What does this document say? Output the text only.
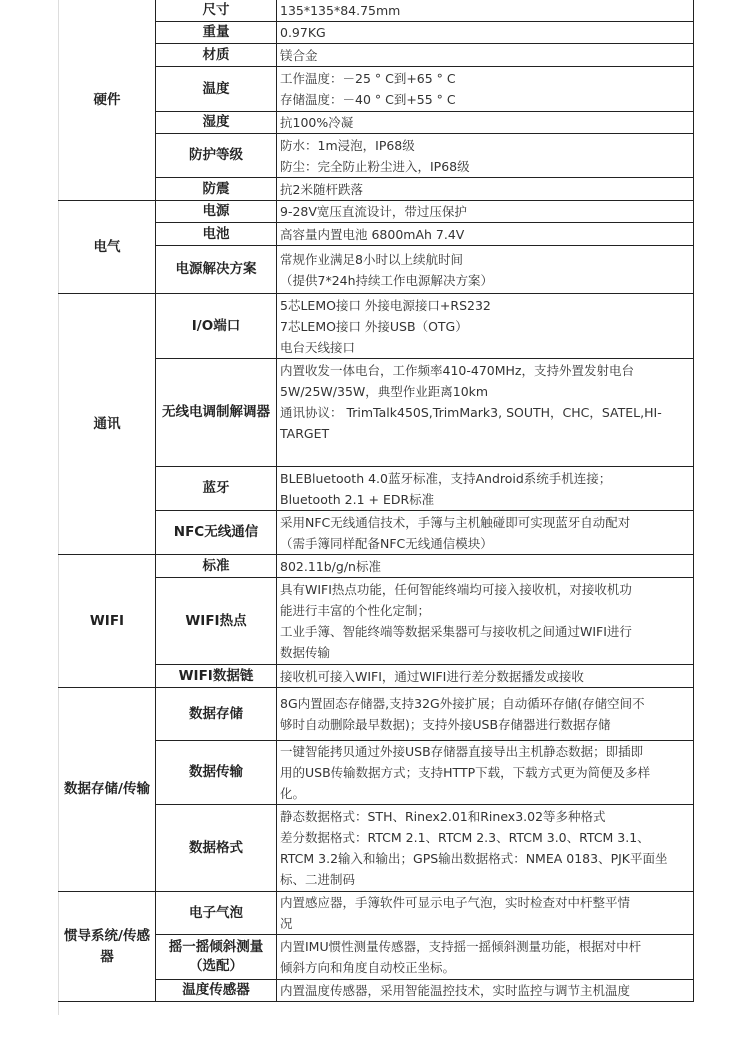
硬件	尺寸	135*135*84.75mm

	重量	0.97KG

	材质	镁合金

	温度	工作温度：－25 ° C到+65 ° C
存储温度：－40 ° C到+55 ° C

	湿度	抗100%冷凝

	防护等级	防水：1m浸泡，IP68级
防尘：完全防止粉尘进入，IP68级

	防震	抗2米随杆跌落

电气	电源	9-28V宽压直流设计，带过压保护

	电池	高容量内置电池 6800mAh 7.4V

	电源解决方案	常规作业满足8小时以上续航时间
（提供7*24h持续工作电源解决方案）

通讯	I/O端口	5芯LEMO接口 外接电源接口+RS232
7芯LEMO接口 外接USB（OTG）
电台天线接口

	无线电调制解调器	内置收发一体电台，工作频率410-470MHz，支持外置发射电台
5W/25W/35W，典型作业距离10km
通讯协议： TrimTalk450S,TrimMark3, SOUTH，CHC，SATEL,HI-
TARGET

	蓝牙	BLEBluetooth 4.0蓝牙标准，支持Android系统手机连接；
Bluetooth 2.1 + EDR标准

	NFC无线通信	采用NFC无线通信技术，手簿与主机触碰即可实现蓝牙自动配对
（需手簿同样配备NFC无线通信模块）

WIFI	标准	802.11b/g/n标准

	WIFI热点	具有WIFI热点功能，任何智能终端均可接入接收机，对接收机功
能进行丰富的个性化定制；
工业手簿、智能终端等数据采集器可与接收机之间通过WIFI进行
数据传输

	WIFI数据链	接收机可接入WIFI，通过WIFI进行差分数据播发或接收

数据存储/传输	数据存储	8G内置固态存储器,支持32G外接扩展；自动循环存储(存储空间不
够时自动删除最早数据)；支持外接USB存储器进行数据存储

	数据传输	一键智能拷贝通过外接USB存储器直接导出主机静态数据；即插即
用的USB传输数据方式；支持HTTP下载，下载方式更为简便及多样
化。

	数据格式	静态数据格式：STH、Rinex2.01和Rinex3.02等多种格式
差分数据格式：RTCM 2.1、RTCM 2.3、RTCM 3.0、RTCM 3.1、
RTCM 3.2输入和输出；GPS输出数据格式：NMEA 0183、PJK平面坐
标、二进制码

惯导系统/传感器	电子气泡	内置感应器，手簿软件可显示电子气泡，实时检查对中杆整平情
况

	摇一摇倾斜测量（选配）	内置IMU惯性测量传感器，支持摇一摇倾斜测量功能，根据对中杆
倾斜方向和角度自动校正坐标。

	温度传感器	内置温度传感器，采用智能温控技术，实时监控与调节主机温度
